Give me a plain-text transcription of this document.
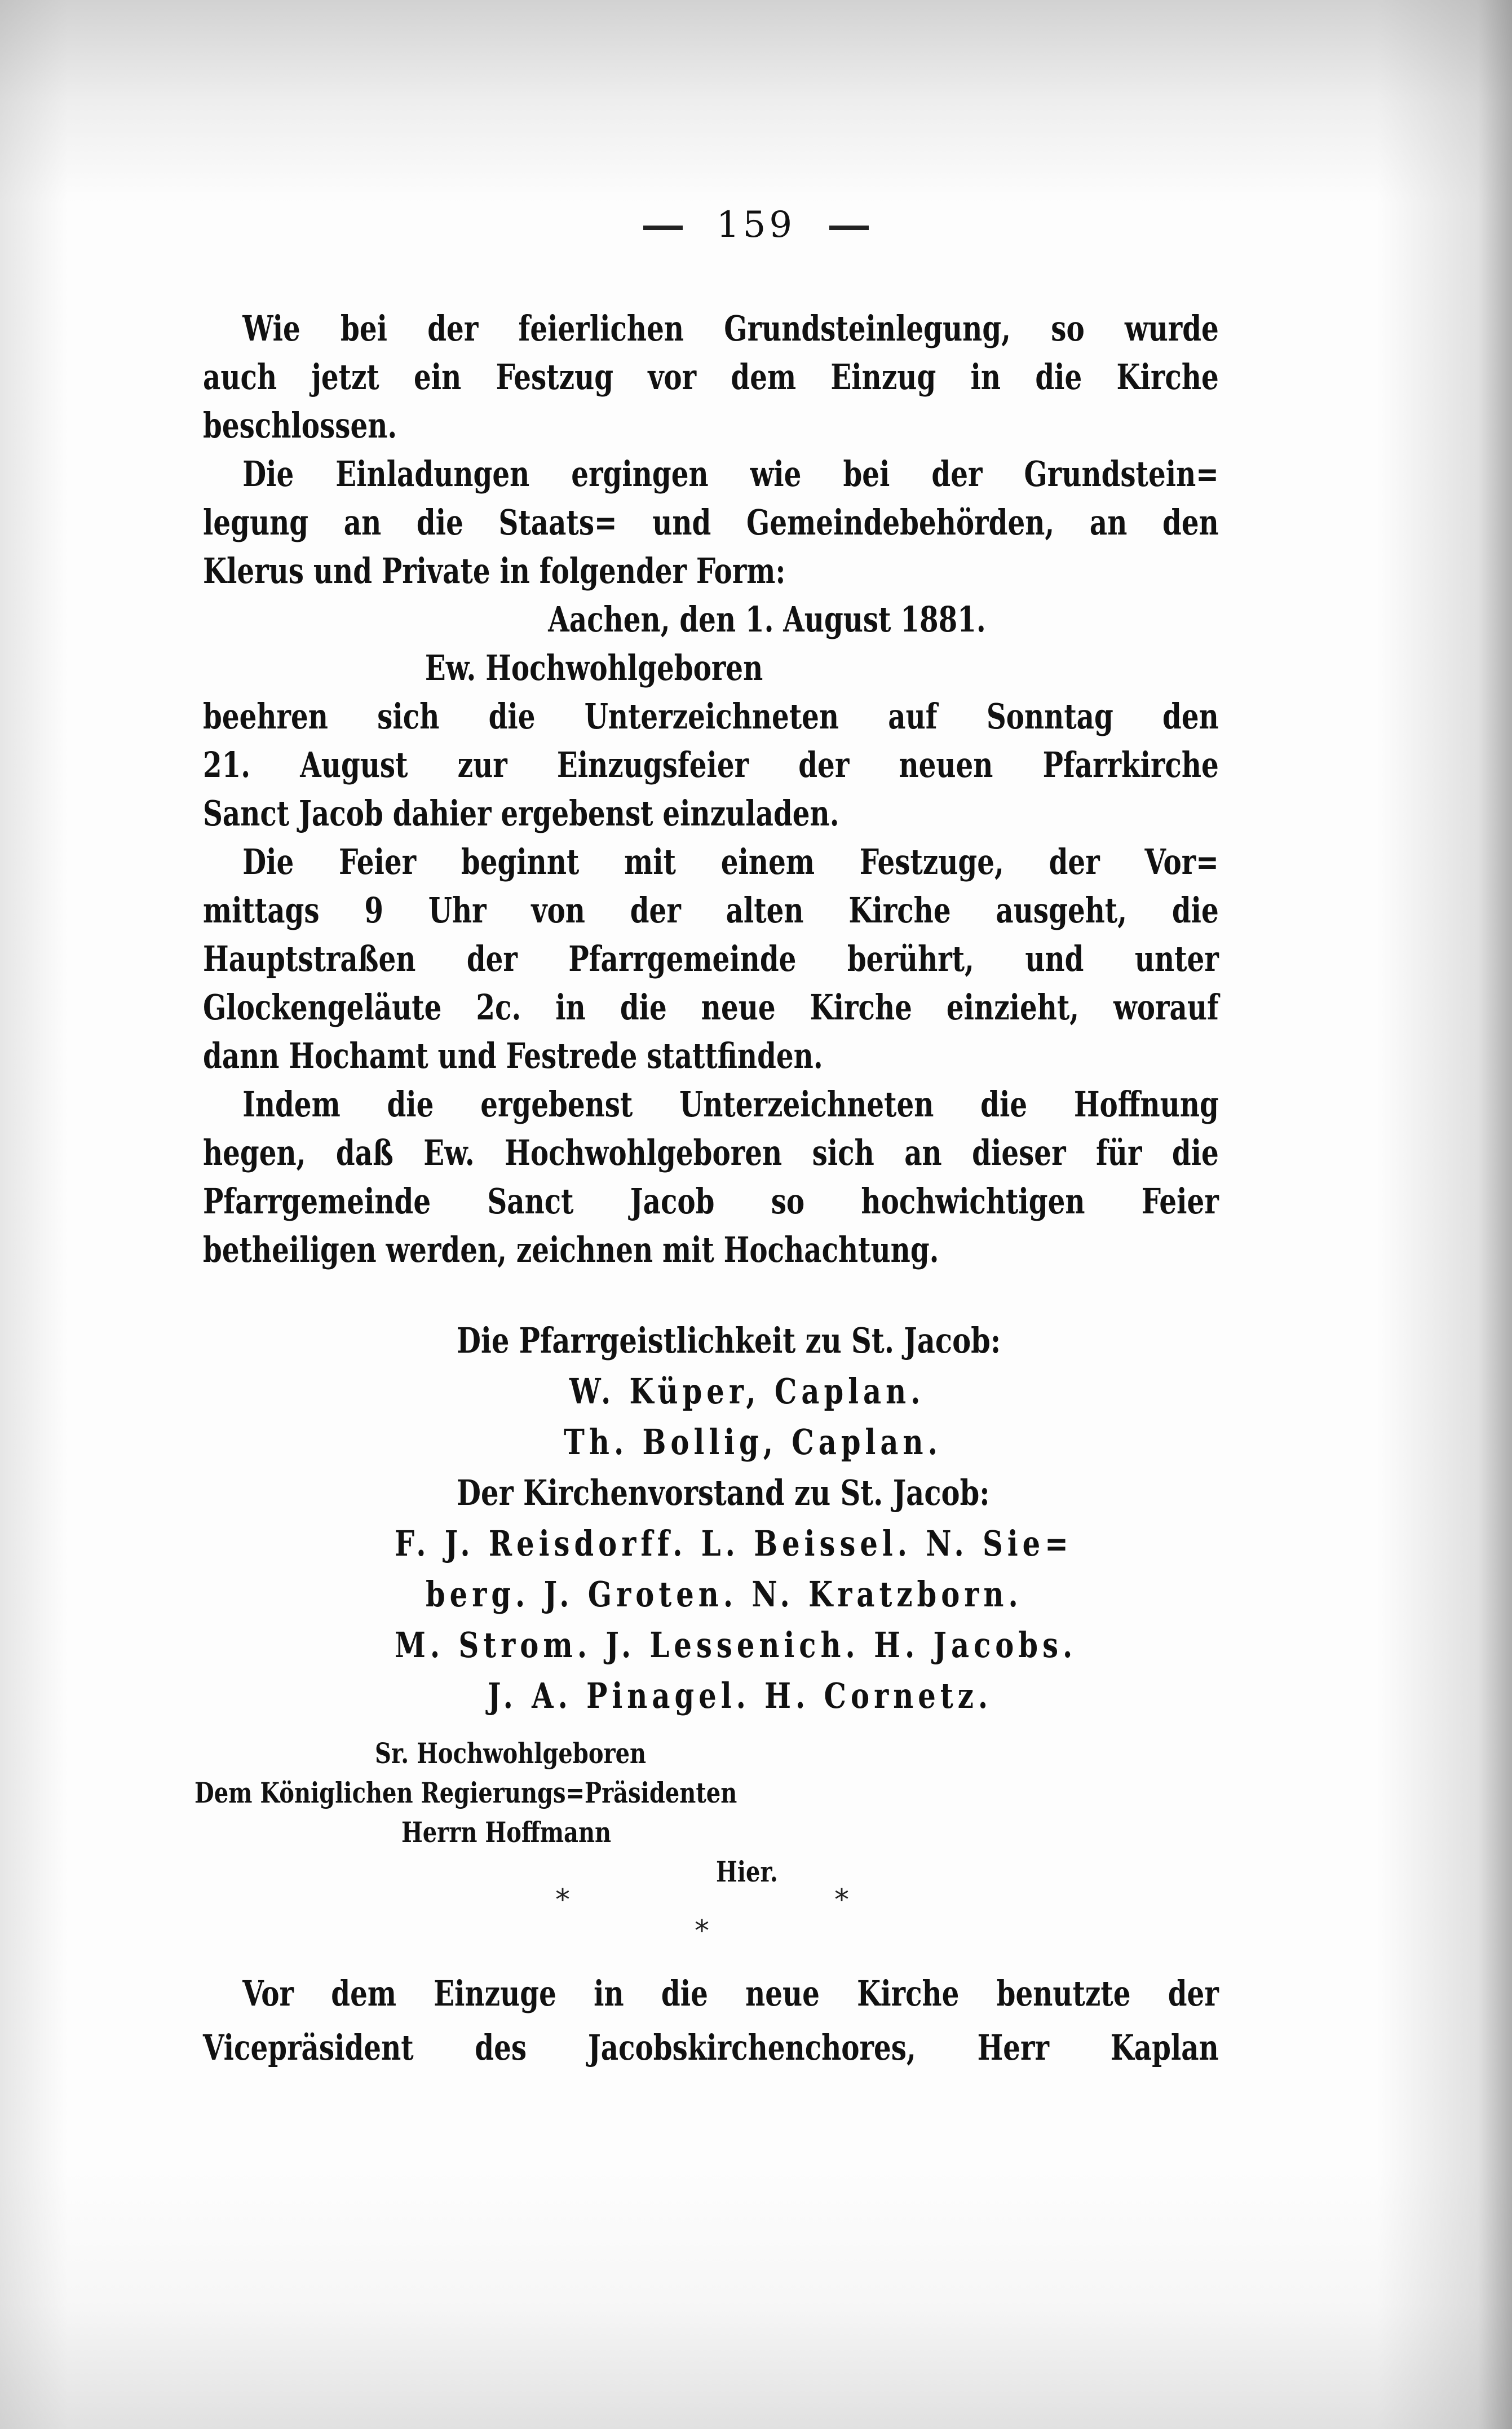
159
Wie bei der feierlichen Grundsteinlegung, so wurde
auch jetzt ein Festzug vor dem Einzug in die Kirche
beschlossen.
Die Einladungen ergingen wie bei der Grundstein=
legung an die Staats= und Gemeindebehörden, an den
Klerus und Private in folgender Form:
Aachen, den 1. August 1881.
Ew. Hochwohlgeboren
beehren sich die Unterzeichneten auf Sonntag den
21. August zur Einzugsfeier der neuen Pfarrkirche
Sanct Jacob dahier ergebenst einzuladen.
Die Feier beginnt mit einem Festzuge, der Vor=
mittags 9 Uhr von der alten Kirche ausgeht, die
Hauptstraßen der Pfarrgemeinde berührt, und unter
Glockengeläute 2c. in die neue Kirche einzieht, worauf
dann Hochamt und Festrede stattfinden.
Indem die ergebenst Unterzeichneten die Hoffnung
hegen, daß Ew. Hochwohlgeboren sich an dieser für die
Pfarrgemeinde Sanct Jacob so hochwichtigen Feier
betheiligen werden, zeichnen mit Hochachtung.
Die Pfarrgeistlichkeit zu St. Jacob:
W. Küper, Caplan.
Th. Bollig, Caplan.
Der Kirchenvorstand zu St. Jacob:
F. J. Reisdorff. L. Beissel. N. Sie=
berg. J. Groten. N. Kratzborn.
M. Strom. J. Lessenich. H. Jacobs.
J. A. Pinagel. H. Cornetz.
Sr. Hochwohlgeboren
Dem Königlichen Regierungs=Präsidenten
Herrn Hoffmann
Hier.
*	*
*
Vor dem Einzuge in die neue Kirche benutzte der
Vicepräsident des Jacobskirchenchores, Herr Kaplan
